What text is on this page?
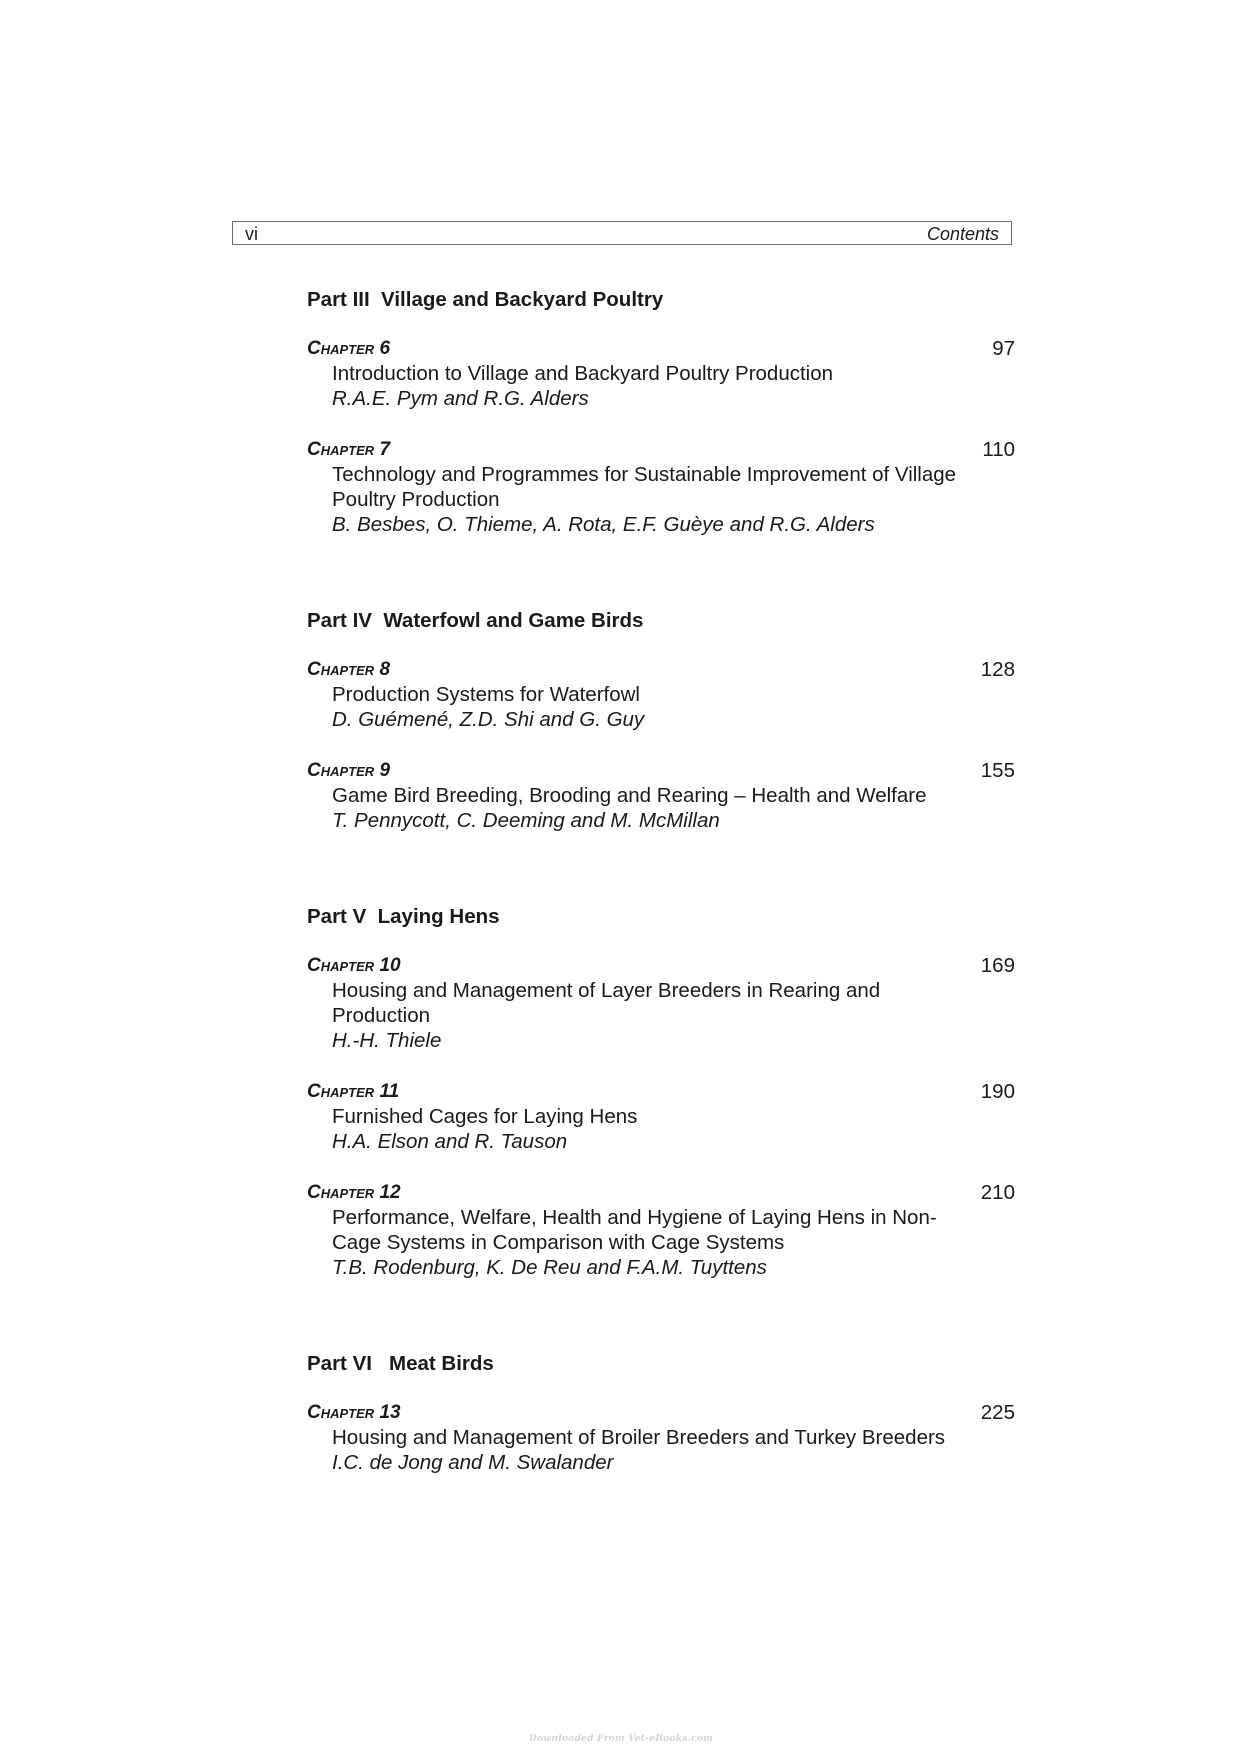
vi	Contents
Part III  Village and Backyard Poultry
Chapter 6	97
Introduction to Village and Backyard Poultry Production
R.A.E. Pym and R.G. Alders
Chapter 7	110
Technology and Programmes for Sustainable Improvement of Village Poultry Production
B. Besbes, O. Thieme, A. Rota, E.F. Guèye and R.G. Alders
Part IV  Waterfowl and Game Birds
Chapter 8	128
Production Systems for Waterfowl
D. Guémené, Z.D. Shi and G. Guy
Chapter 9	155
Game Bird Breeding, Brooding and Rearing – Health and Welfare
T. Pennycott, C. Deeming and M. McMillan
Part V  Laying Hens
Chapter 10	169
Housing and Management of Layer Breeders in Rearing and Production
H.-H. Thiele
Chapter 11	190
Furnished Cages for Laying Hens
H.A. Elson and R. Tauson
Chapter 12	210
Performance, Welfare, Health and Hygiene of Laying Hens in Non-Cage Systems in Comparison with Cage Systems
T.B. Rodenburg, K. De Reu and F.A.M. Tuyttens
Part VI   Meat Birds
Chapter 13	225
Housing and Management of Broiler Breeders and Turkey Breeders
I.C. de Jong and M. Swalander
Downloaded From Vet-eBooks.com
